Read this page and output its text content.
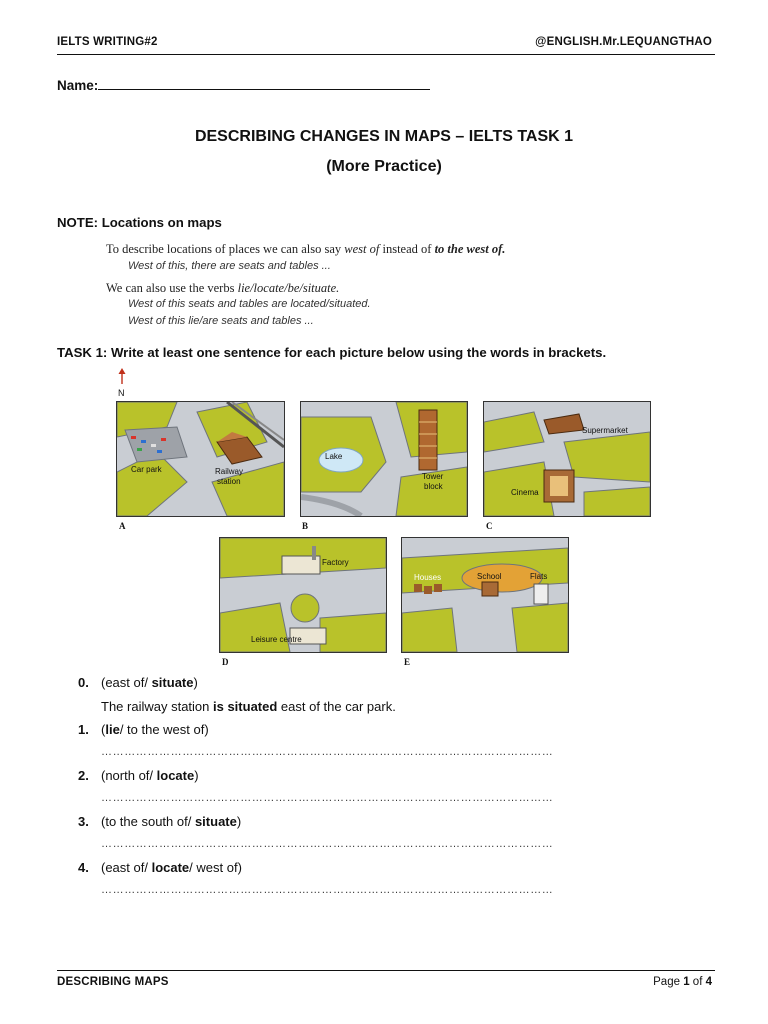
IELTS WRITING#2	@ENGLISH.Mr.LEQUANGTHAO
Name:
DESCRIBING CHANGES IN MAPS – IELTS TASK 1
(More Practice)
NOTE: Locations on maps
To describe locations of places we can also say west of instead of to the west of.
West of this, there are seats and tables ...
We can also use the verbs lie/locate/be/situate.
West of this seats and tables are located/situated.
West of this lie/are seats and tables ...
TASK 1: Write at least one sentence for each picture below using the words in brackets.
N
Car park	Railway
station
A
Lake
Tower
block
B
Supermarket
Cinema
C
Factory
Leisure centre
D
Houses	School	Flats
E
0. (east of/ situate)
The railway station is situated east of the car park.
1. (lie/ to the west of)
………………………………………………………………………………………………………
2. (north of/ locate)
………………………………………………………………………………………………………
3. (to the south of/ situate)
………………………………………………………………………………………………………
4. (east of/ locate/ west of)
………………………………………………………………………………………………………
DESCRIBING MAPS	Page 1 of 4
